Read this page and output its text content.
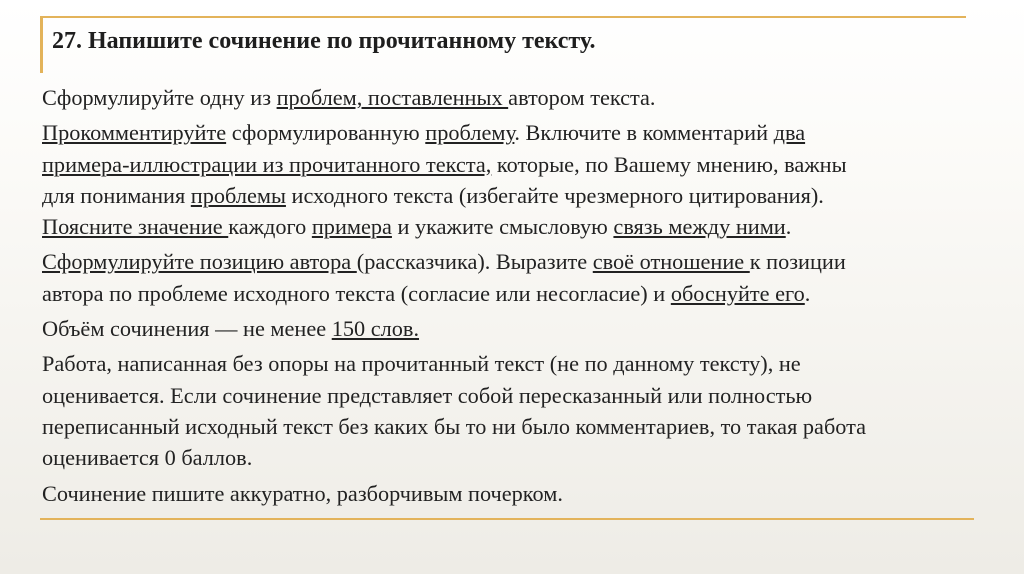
27. Напишите сочинение по прочитанному тексту.

Сформулируйте одну из проблем, поставленных автором текста.

Прокомментируйте сформулированную проблему. Включите в комментарий два
примера-иллюстрации из прочитанного текста, которые, по Вашему мнению, важны
для понимания проблемы исходного текста (избегайте чрезмерного цитирования).
Поясните значение каждого примера и укажите смысловую связь между ними.

Сформулируйте позицию автора (рассказчика). Выразите своё отношение к позиции
автора по проблеме исходного текста (согласие или несогласие) и обоснуйте его.

Объём сочинения — не менее 150 слов.

Работа, написанная без опоры на прочитанный текст (не по данному тексту), не
оценивается. Если сочинение представляет собой пересказанный или полностью
переписанный исходный текст без каких бы то ни было комментариев, то такая работа
оценивается 0 баллов.

Сочинение пишите аккуратно, разборчивым почерком.
